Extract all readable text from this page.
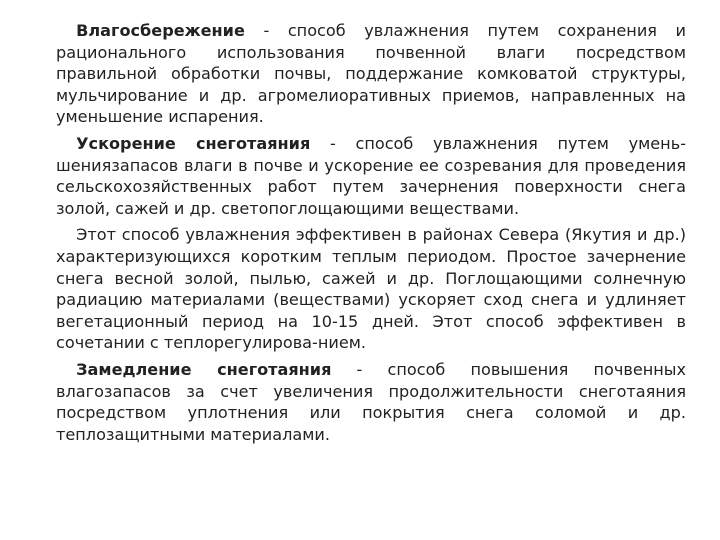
Влагосбережение - способ увлажнения путем сохранения и рационального использования почвенной влаги посредством правильной обработки почвы, поддержание комковатой структуры, мульчирование и др. агромелиоративных приемов, направленных на уменьшение испарения.

Ускорение снеготаяния - способ увлажнения путем умень-шениязапасов влаги в почве и ускорение ее созревания для проведения сельскохозяйственных работ путем зачернения поверхности снега золой, сажей и др. светопоглощающими веществами.

Этот способ увлажнения эффективен в районах Севера (Якутия и др.) характеризующихся коротким теплым периодом. Простое зачернение снега весной золой, пылью, сажей и др. Поглощающими солнечную радиацию материалами (веществами) ускоряет сход снега и удлиняет вегетационный период на 10-15 дней. Этот способ эффективен в сочетании с теплорегулирова-нием.

Замедление снеготаяния - способ повышения почвенных влагозапасов за счет увеличения продолжительности снеготаяния посредством уплотнения или покрытия снега соломой и др. теплозащитными материалами.
